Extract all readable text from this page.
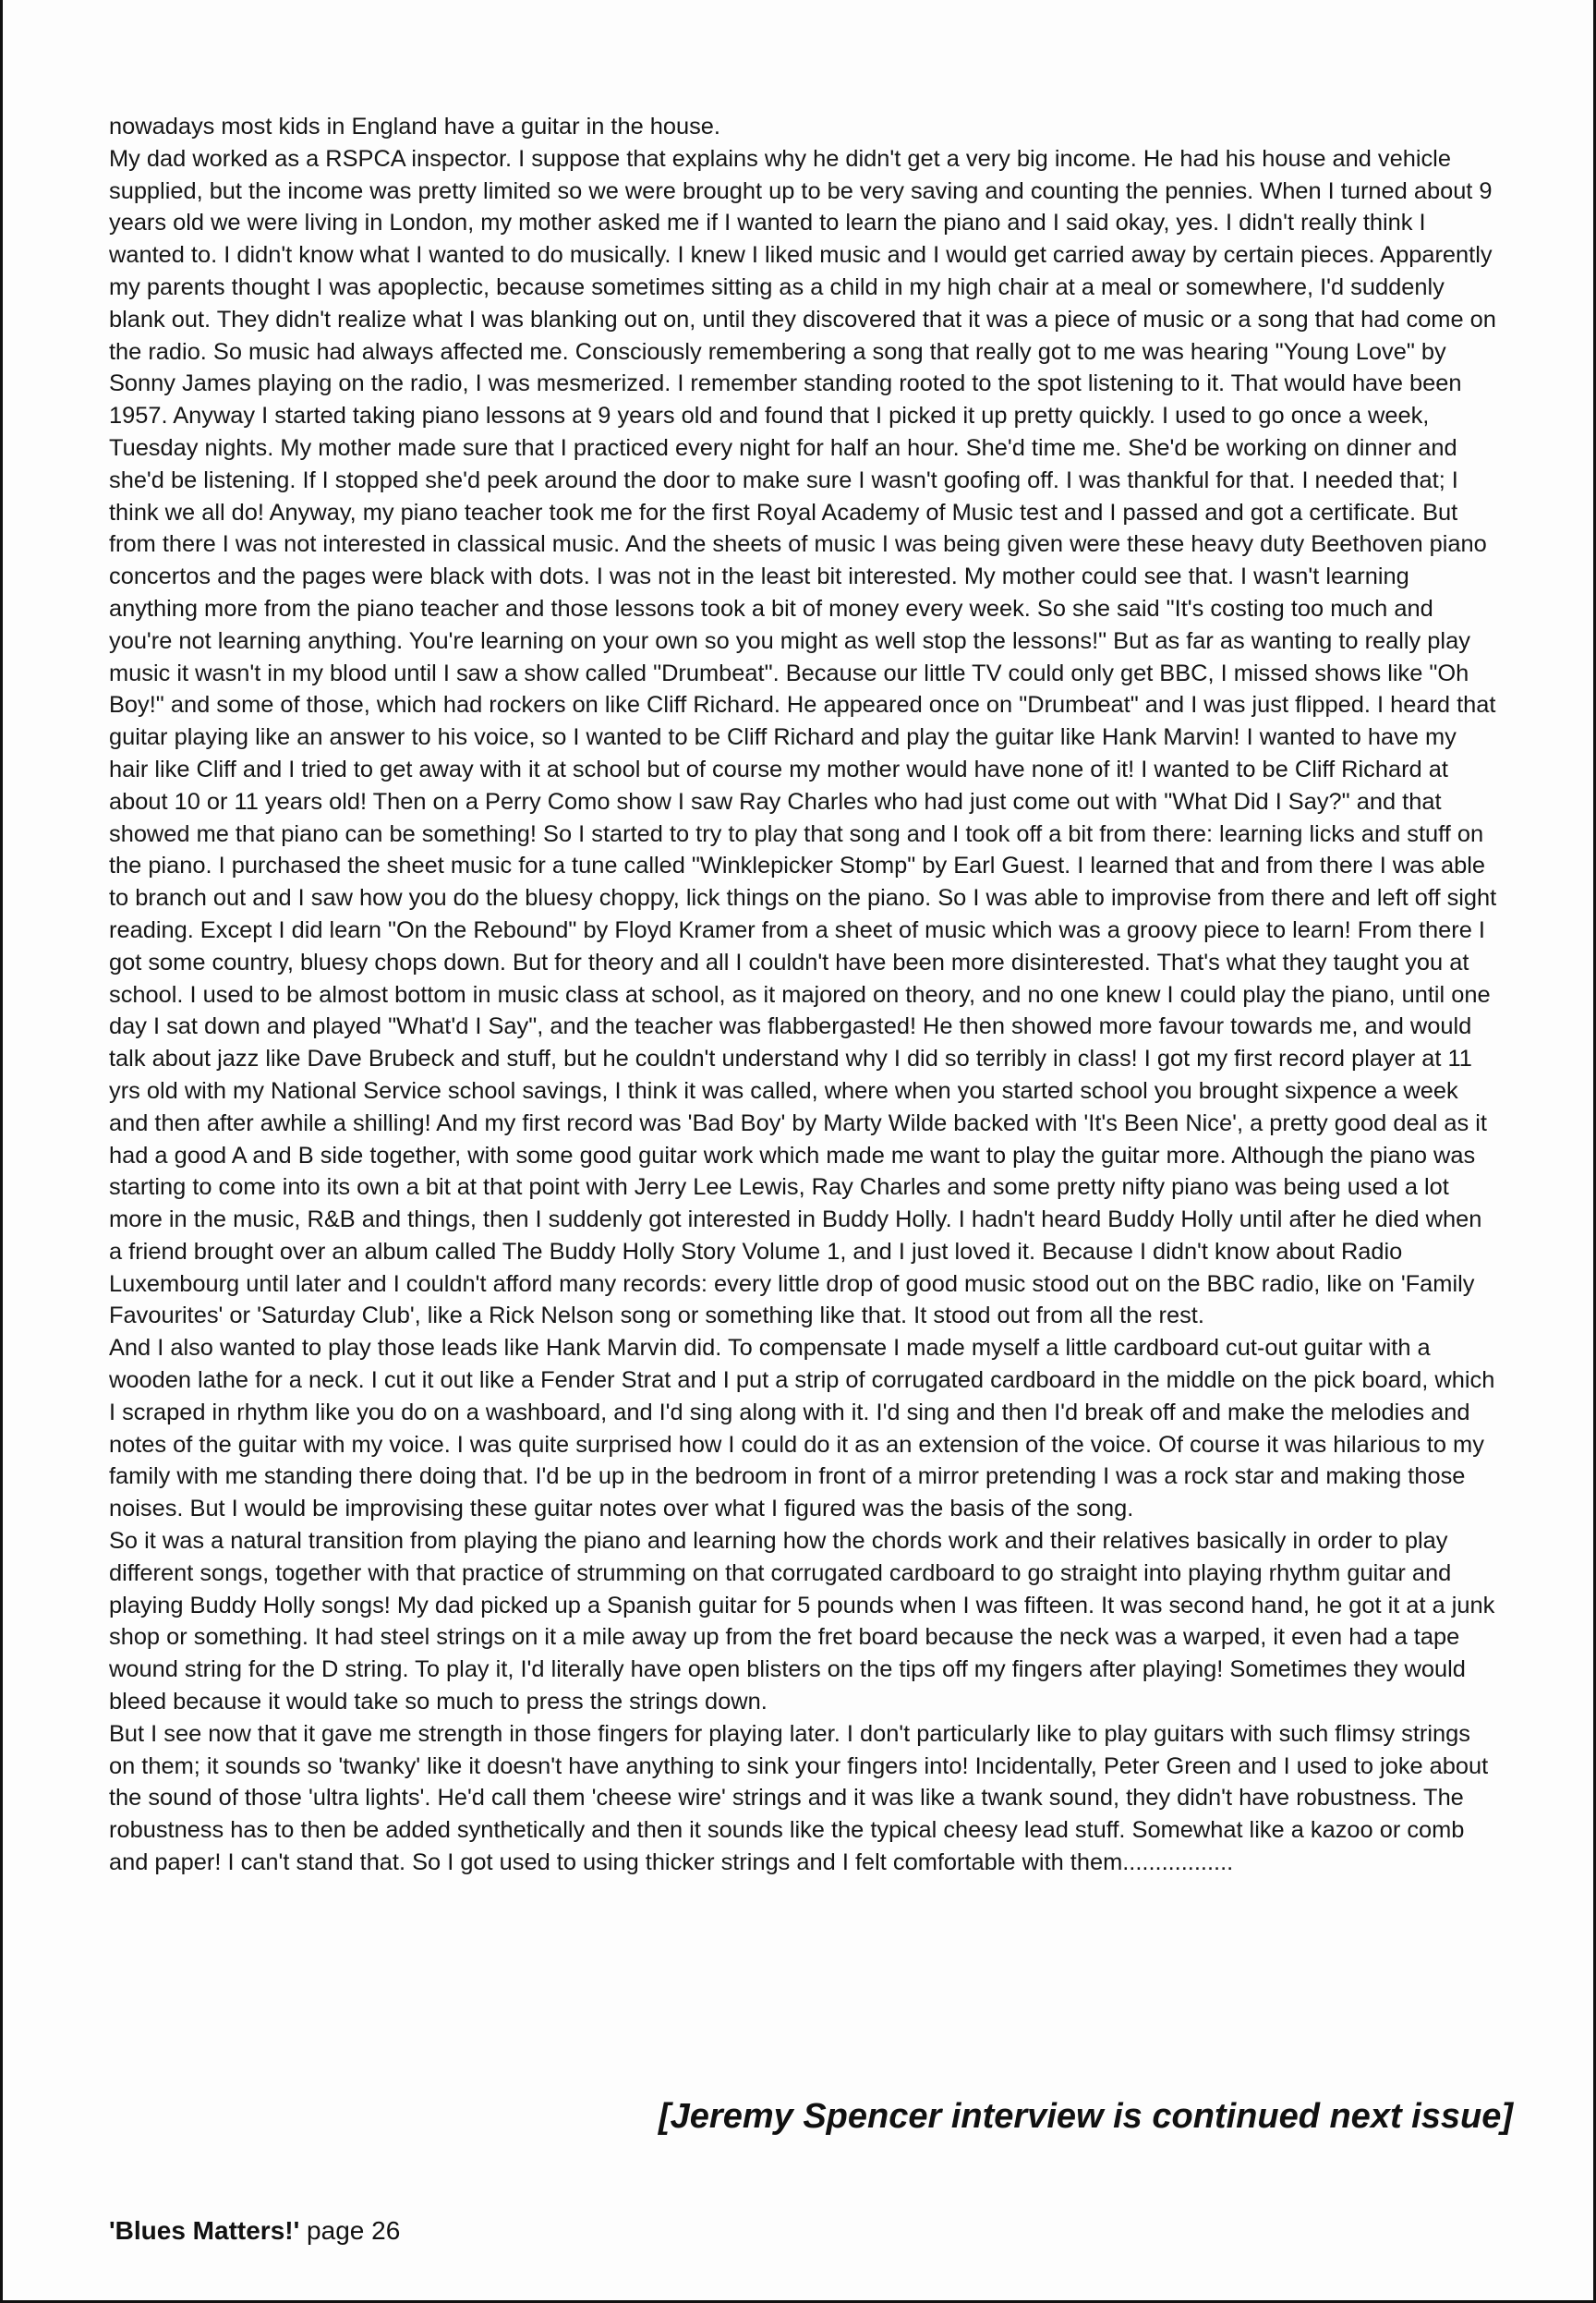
nowadays most kids in England have a guitar in the house.

My dad worked as a RSPCA inspector. I suppose that explains why he didn't get a very big income. He had his house and vehicle supplied, but the income was pretty limited so we were brought up to be very saving and counting the pennies. When I turned about 9 years old we were living in London, my mother asked me if I wanted to learn the piano and I said okay, yes. I didn't really think I wanted to. I didn't know what I wanted to do musically. I knew I liked music and I would get carried away by certain pieces. Apparently my parents thought I was apoplectic, because sometimes sitting as a child in my high chair at a meal or somewhere, I'd suddenly blank out. They didn't realize what I was blanking out on, until they discovered that it was a piece of music or a song that had come on the radio. So music had always affected me. Consciously remembering a song that really got to me was hearing "Young Love" by Sonny James playing on the radio, I was mesmerized. I remember standing rooted to the spot listening to it. That would have been 1957. Anyway I started taking piano lessons at 9 years old and found that I picked it up pretty quickly. I used to go once a week, Tuesday nights. My mother made sure that I practiced every night for half an hour. She'd time me. She'd be working on dinner and she'd be listening. If I stopped she'd peek around the door to make sure I wasn't goofing off. I was thankful for that. I needed that; I think we all do! Anyway, my piano teacher took me for the first Royal Academy of Music test and I passed and got a certificate. But from there I was not interested in classical music. And the sheets of music I was being given were these heavy duty Beethoven piano concertos and the pages were black with dots. I was not in the least bit interested. My mother could see that. I wasn't learning anything more from the piano teacher and those lessons took a bit of money every week. So she said "It's costing too much and you're not learning anything. You're learning on your own so you might as well stop the lessons!" But as far as wanting to really play music it wasn't in my blood until I saw a show called "Drumbeat". Because our little TV could only get BBC, I missed shows like "Oh Boy!" and some of those, which had rockers on like Cliff Richard. He appeared once on "Drumbeat" and I was just flipped. I heard that guitar playing like an answer to his voice, so I wanted to be Cliff Richard and play the guitar like Hank Marvin! I wanted to have my hair like Cliff and I tried to get away with it at school but of course my mother would have none of it! I wanted to be Cliff Richard at about 10 or 11 years old! Then on a Perry Como show I saw Ray Charles who had just come out with "What Did I Say?" and that showed me that piano can be something! So I started to try to play that song and I took off a bit from there: learning licks and stuff on the piano. I purchased the sheet music for a tune called "Winklepicker Stomp" by Earl Guest. I learned that and from there I was able to branch out and I saw how you do the bluesy choppy, lick things on the piano. So I was able to improvise from there and left off sight reading. Except I did learn "On the Rebound" by Floyd Kramer from a sheet of music which was a groovy piece to learn! From there I got some country, bluesy chops down. But for theory and all I couldn't have been more disinterested. That's what they taught you at school. I used to be almost bottom in music class at school, as it majored on theory, and no one knew I could play the piano, until one day I sat down and played "What'd I Say", and the teacher was flabbergasted! He then showed more favour towards me, and would talk about jazz like Dave Brubeck and stuff, but he couldn't understand why I did so terribly in class! I got my first record player at 11 yrs old with my National Service school savings, I think it was called, where when you started school you brought sixpence a week and then after awhile a shilling! And my first record was 'Bad Boy' by Marty Wilde backed with 'It's Been Nice', a pretty good deal as it had a good A and B side together, with some good guitar work which made me want to play the guitar more. Although the piano was starting to come into its own a bit at that point with Jerry Lee Lewis, Ray Charles and some pretty nifty piano was being used a lot more in the music, R&B and things, then I suddenly got interested in Buddy Holly. I hadn't heard Buddy Holly until after he died when a friend brought over an album called The Buddy Holly Story Volume 1, and I just loved it. Because I didn't know about Radio Luxembourg until later and I couldn't afford many records: every little drop of good music stood out on the BBC radio, like on 'Family Favourites' or 'Saturday Club', like a Rick Nelson song or something like that. It stood out from all the rest.

And I also wanted to play those leads like Hank Marvin did. To compensate I made myself a little cardboard cut-out guitar with a wooden lathe for a neck. I cut it out like a Fender Strat and I put a strip of corrugated cardboard in the middle on the pick board, which I scraped in rhythm like you do on a washboard, and I'd sing along with it. I'd sing and then I'd break off and make the melodies and notes of the guitar with my voice. I was quite surprised how I could do it as an extension of the voice. Of course it was hilarious to my family with me standing there doing that. I'd be up in the bedroom in front of a mirror pretending I was a rock star and making those noises. But I would be improvising these guitar notes over what I figured was the basis of the song.

So it was a natural transition from playing the piano and learning how the chords work and their relatives basically in order to play different songs, together with that practice of strumming on that corrugated cardboard to go straight into playing rhythm guitar and playing Buddy Holly songs! My dad picked up a Spanish guitar for 5 pounds when I was fifteen. It was second hand, he got it at a junk shop or something. It had steel strings on it a mile away up from the fret board because the neck was a warped, it even had a tape wound string for the D string. To play it, I'd literally have open blisters on the tips off my fingers after playing! Sometimes they would bleed because it would take so much to press the strings down.

But I see now that it gave me strength in those fingers for playing later. I don't particularly like to play guitars with such flimsy strings on them; it sounds so 'twanky' like it doesn't have anything to sink your fingers into! Incidentally, Peter Green and I used to joke about the sound of those 'ultra lights'. He'd call them 'cheese wire' strings and it was like a twank sound, they didn't have robustness. The robustness has to then be added synthetically and then it sounds like the typical cheesy lead stuff. Somewhat like a kazoo or comb and paper! I can't stand that. So I got used to using thicker strings and I felt comfortable with them.................

[Jeremy Spencer interview is continued next issue]
'Blues Matters!' page 26
